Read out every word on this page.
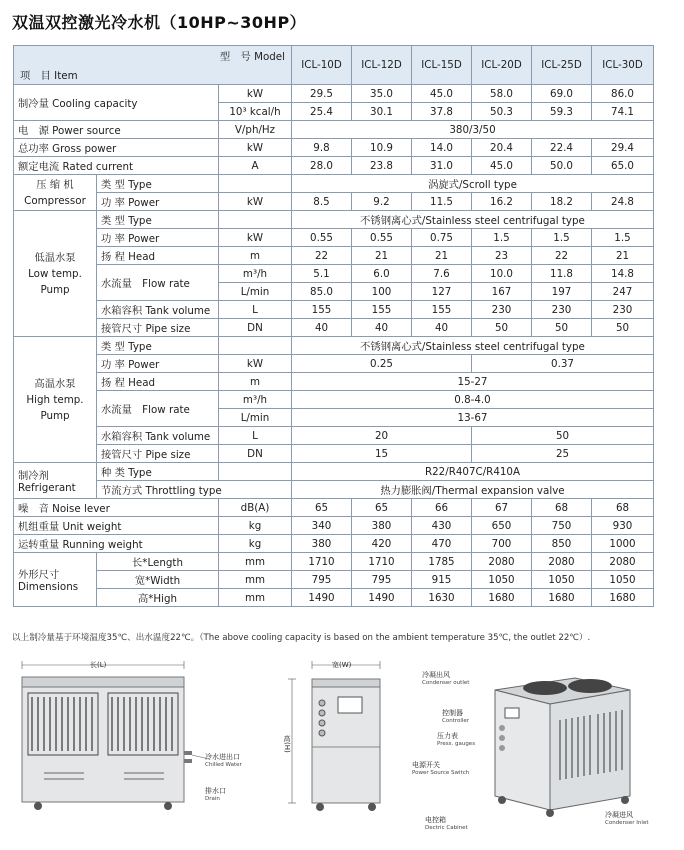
双温双控激光冷水机（10HP~30HP）
型　号 Model
项　目 Item			ICL-10D	ICL-12D	ICL-15D	ICL-20D	ICL-25D	ICL-30D
制冷量 Cooling capacity		kW	29.5	35.0	45.0	58.0	69.0	86.0
		10³ kcal/h	25.4	30.1	37.8	50.3	59.3	74.1
电　源 Power source		V/ph/Hz	380/3/50					
总功率 Gross power		kW	9.8	10.9	14.0	20.4	22.4	29.4
额定电流 Rated current		A	28.0	23.8	31.0	45.0	50.0	65.0

压 缩 机
Compressor	类 型 Type		涡旋式/Scroll type					
	功 率 Power	kW	8.5	9.2	11.5	16.2	18.2	24.8

低温水泵
Low temp.
Pump	类 型 Type		不锈钢离心式/Stainless steel centrifugal type					
	功 率 Power	kW	0.55	0.55	0.75	1.5	1.5	1.5
	扬 程 Head	m	22	21	21	23	22	21
	水流量　Flow rate	m³/h	5.1	6.0	7.6	10.0	11.8	14.8
		L/min	85.0	100	127	167	197	247
	水箱容积 Tank volume	L	155	155	155	230	230	230
	接管尺寸 Pipe size	DN	40	40	40	50	50	50

高温水泵
High temp.
Pump	类 型 Type		不锈钢离心式/Stainless steel centrifugal type					
	功 率 Power	kW	0.25			0.37		
	扬 程 Head	m	15-27					
	水流量　Flow rate	m³/h	0.8-4.0					
		L/min	13-67					
	水箱容积 Tank volume	L	20			50		
	接管尺寸 Pipe size	DN	15			25		

制冷剂
Refrigerant	种 类 Type		R22/R407C/R410A					
	节流方式 Throttling type		热力膨胀阀/Thermal expansion valve					
噪　音 Noise lever		dB(A)	65	65	66	67	68	68
机组重量 Unit weight		kg	340	380	430	650	750	930
运转重量 Running weight		kg	380	420	470	700	850	1000

外形尺寸
Dimensions	长*Length	mm	1710	1710	1785	2080	2080	2080
	宽*Width	mm	795	795	915	1050	1050	1050
	高*High	mm	1490	1490	1630	1680	1680	1680
以上制冷量基于环境温度35℃、出水温度22℃。（The above cooling capacity is based on the ambient temperature 35℃, the outlet 22℃）.
长(L)
冷水进出口
Chilled Water
排水口
Drain
宽(W)
高(H)
冷凝出风
Condenser outlet
控制器
Controller
压力表
Press. gauges
电源开关
Power Source Switch
电控箱
Dectric Cabinet
冷凝进风
Condenser Inlet
